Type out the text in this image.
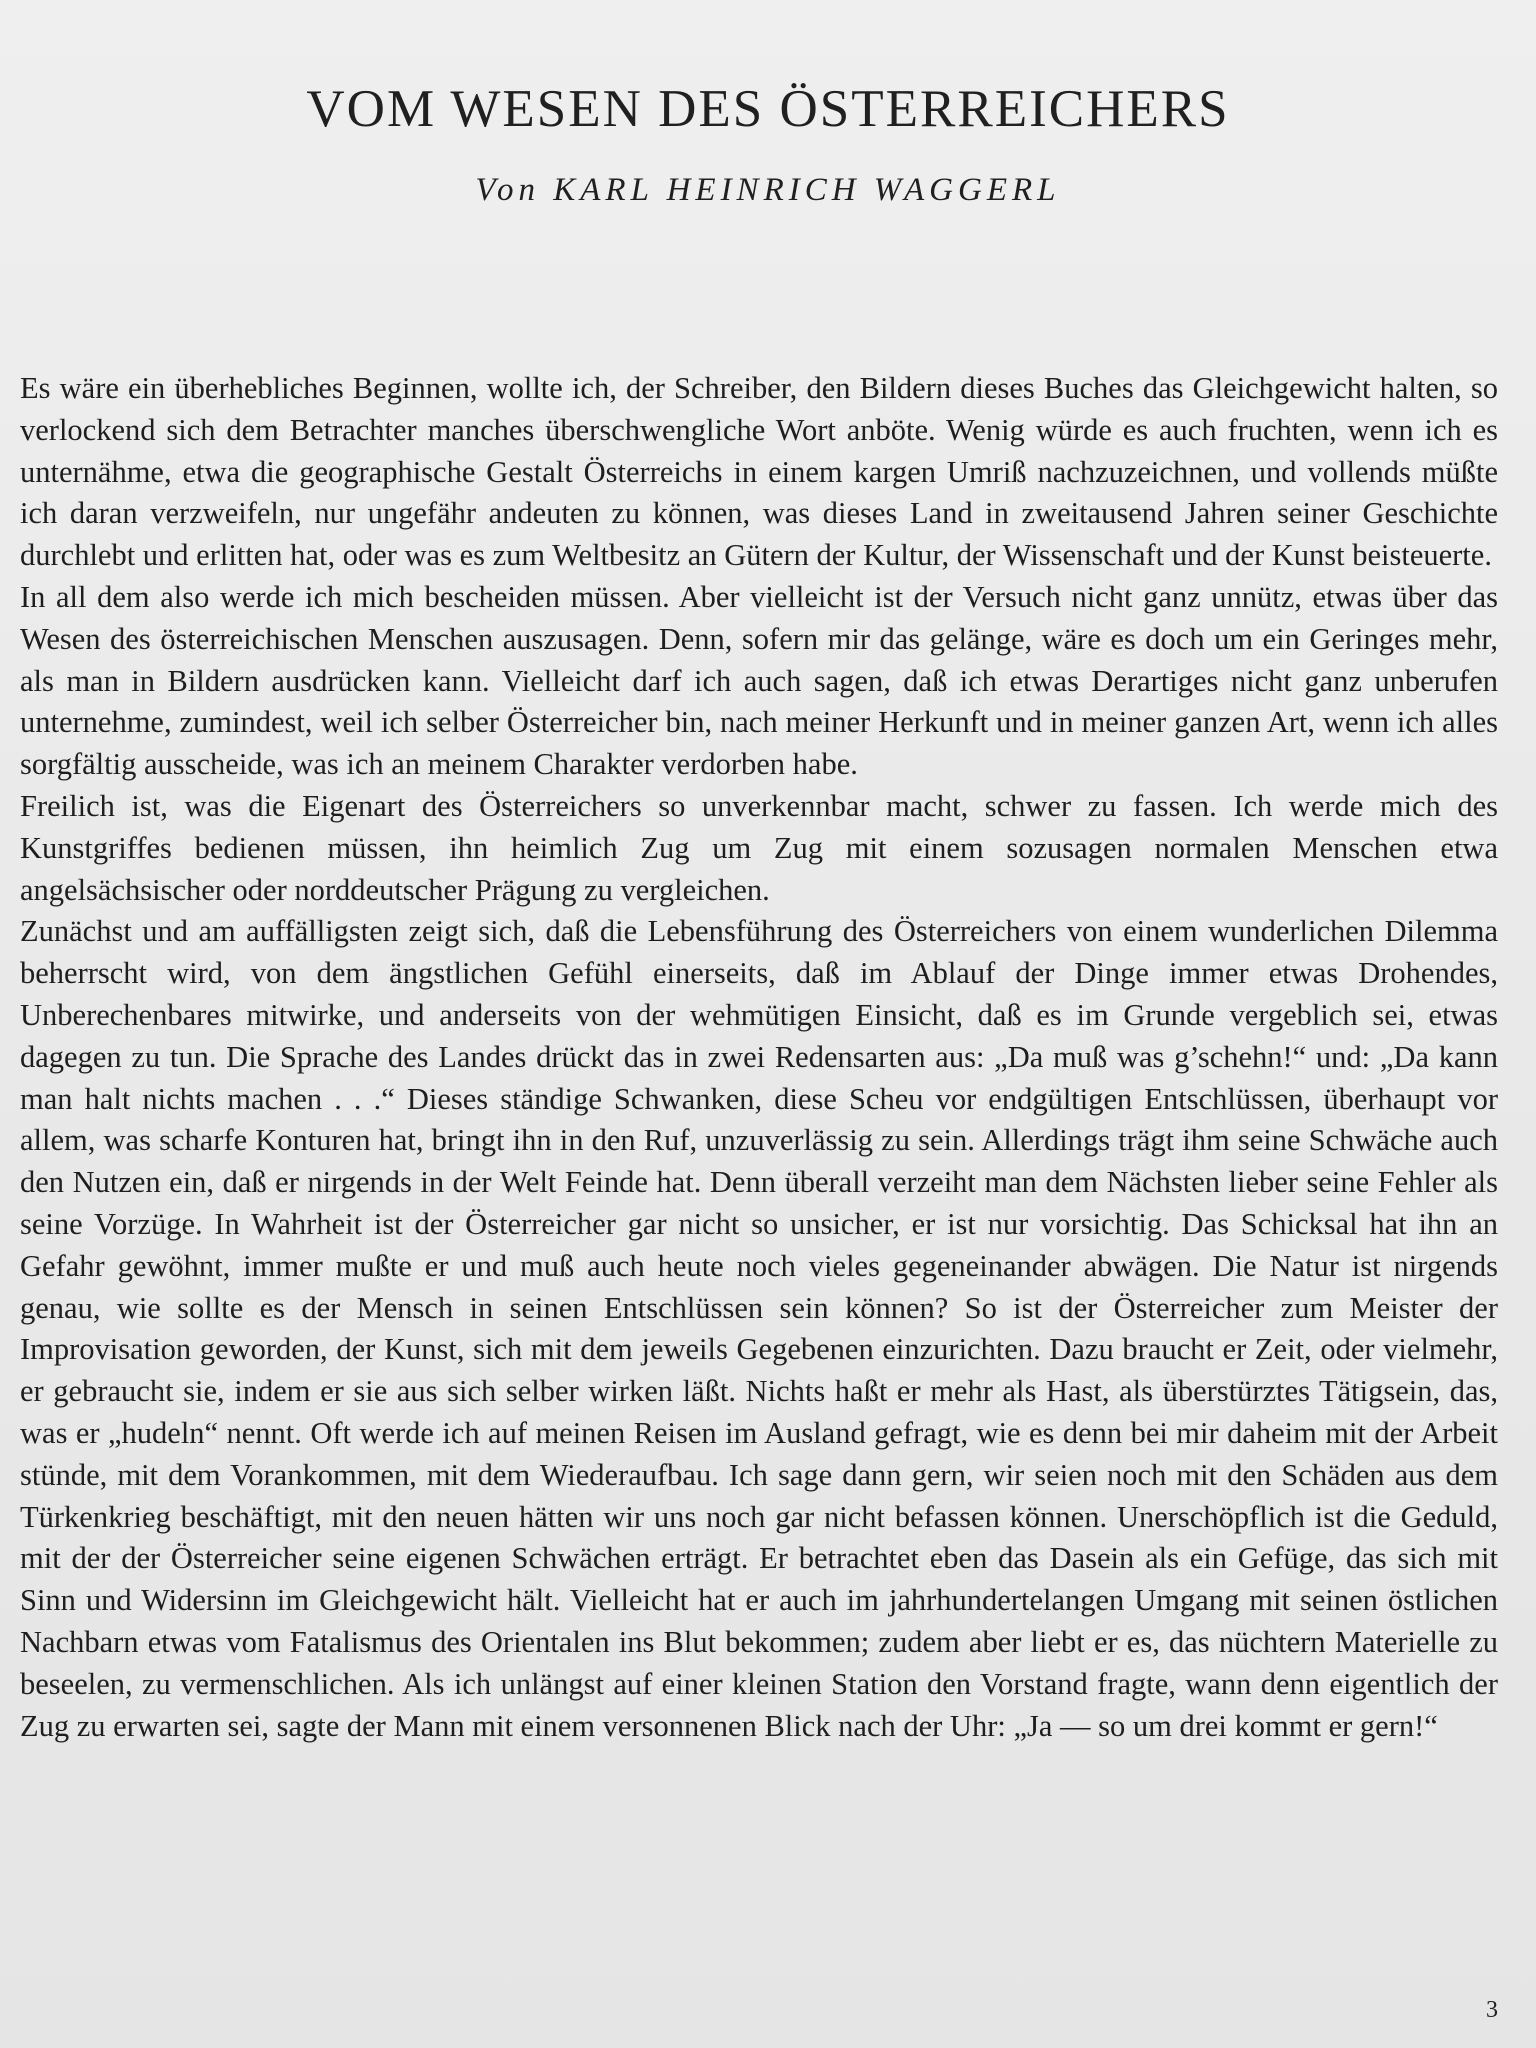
VOM WESEN DES ÖSTERREICHERS

Von KARL HEINRICH WAGGERL

Es wäre ein überhebliches Beginnen, wollte ich, der Schreiber, den Bildern dieses Buches das Gleichgewicht halten, so verlockend sich dem Betrachter manches überschwengliche Wort anböte. Wenig würde es auch fruchten, wenn ich es unternähme, etwa die geographische Gestalt Österreichs in einem kargen Umriß nachzuzeichnen, und vollends müßte ich daran verzweifeln, nur ungefähr andeuten zu können, was dieses Land in zweitausend Jahren seiner Geschichte durchlebt und erlitten hat, oder was es zum Weltbesitz an Gütern der Kultur, der Wissenschaft und der Kunst beisteuerte.

In all dem also werde ich mich bescheiden müssen. Aber vielleicht ist der Versuch nicht ganz unnütz, etwas über das Wesen des österreichischen Menschen auszusagen. Denn, sofern mir das gelänge, wäre es doch um ein Geringes mehr, als man in Bildern ausdrücken kann. Vielleicht darf ich auch sagen, daß ich etwas Derartiges nicht ganz unberufen unternehme, zumindest, weil ich selber Österreicher bin, nach meiner Herkunft und in meiner ganzen Art, wenn ich alles sorgfältig ausscheide, was ich an meinem Charakter verdorben habe.

Freilich ist, was die Eigenart des Österreichers so unverkennbar macht, schwer zu fassen. Ich werde mich des Kunstgriffes bedienen müssen, ihn heimlich Zug um Zug mit einem sozusagen normalen Menschen etwa angelsächsischer oder norddeutscher Prägung zu vergleichen.

Zunächst und am auffälligsten zeigt sich, daß die Lebensführung des Österreichers von einem wunderlichen Dilemma beherrscht wird, von dem ängstlichen Gefühl einerseits, daß im Ablauf der Dinge immer etwas Drohendes, Unberechenbares mitwirke, und anderseits von der wehmütigen Einsicht, daß es im Grunde vergeblich sei, etwas dagegen zu tun. Die Sprache des Landes drückt das in zwei Redensarten aus: „Da muß was g’schehn!“ und: „Da kann man halt nichts machen . . .“ Dieses ständige Schwanken, diese Scheu vor endgültigen Entschlüssen, überhaupt vor allem, was scharfe Konturen hat, bringt ihn in den Ruf, unzuverlässig zu sein. Allerdings trägt ihm seine Schwäche auch den Nutzen ein, daß er nirgends in der Welt Feinde hat. Denn überall verzeiht man dem Nächsten lieber seine Fehler als seine Vorzüge. In Wahrheit ist der Österreicher gar nicht so unsicher, er ist nur vorsichtig. Das Schicksal hat ihn an Gefahr gewöhnt, immer mußte er und muß auch heute noch vieles gegeneinander abwägen. Die Natur ist nirgends genau, wie sollte es der Mensch in seinen Entschlüssen sein können? So ist der Österreicher zum Meister der Improvisation geworden, der Kunst, sich mit dem jeweils Gegebenen einzurichten. Dazu braucht er Zeit, oder vielmehr, er gebraucht sie, indem er sie aus sich selber wirken läßt. Nichts haßt er mehr als Hast, als überstürztes Tätigsein, das, was er „hudeln“ nennt. Oft werde ich auf meinen Reisen im Ausland gefragt, wie es denn bei mir daheim mit der Arbeit stünde, mit dem Vorankommen, mit dem Wiederaufbau. Ich sage dann gern, wir seien noch mit den Schäden aus dem Türkenkrieg beschäftigt, mit den neuen hätten wir uns noch gar nicht befassen können. Unerschöpflich ist die Geduld, mit der der Österreicher seine eigenen Schwächen erträgt. Er betrachtet eben das Dasein als ein Gefüge, das sich mit Sinn und Widersinn im Gleichgewicht hält. Vielleicht hat er auch im jahrhundertelangen Umgang mit seinen östlichen Nachbarn etwas vom Fatalismus des Orientalen ins Blut bekommen; zudem aber liebt er es, das nüchtern Materielle zu beseelen, zu vermenschlichen. Als ich unlängst auf einer kleinen Station den Vorstand fragte, wann denn eigentlich der Zug zu erwarten sei, sagte der Mann mit einem versonnenen Blick nach der Uhr: „Ja — so um drei kommt er gern!“

3
